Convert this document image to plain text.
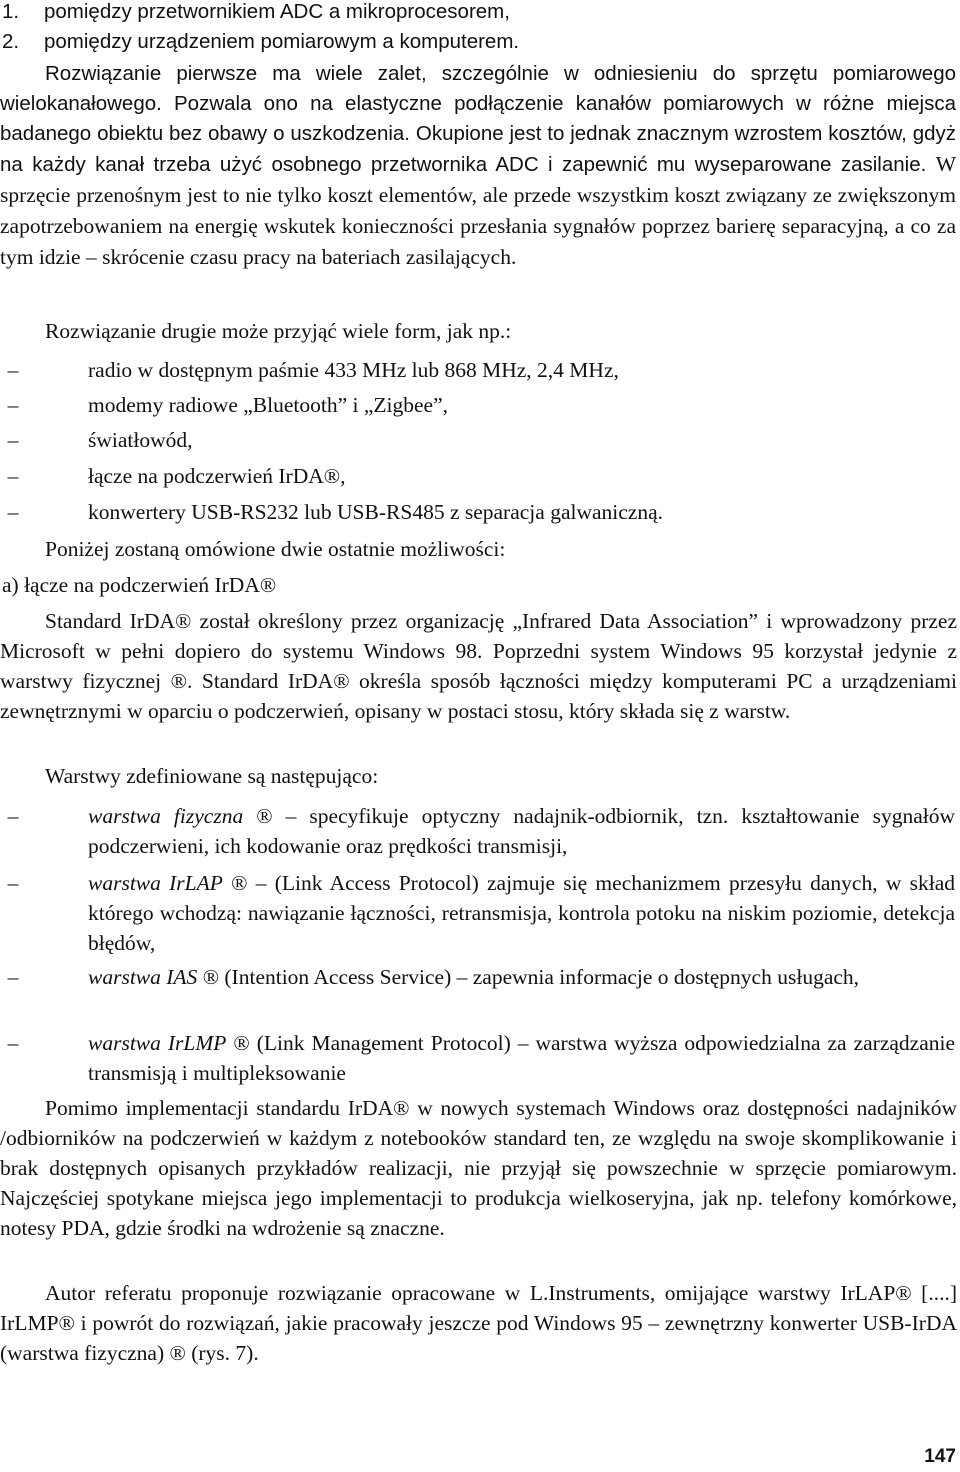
1. pomiędzy przetwornikiem ADC a mikroprocesorem,
2. pomiędzy urządzeniem pomiarowym a komputerem.

Rozwiązanie pierwsze ma wiele zalet, szczególnie w odniesieniu do sprzętu pomiarowego wielokanałowego. Pozwala ono na elastyczne podłączenie kanałów pomiarowych w różne miejsca badanego obiektu bez obawy o uszkodzenia. Okupione jest to jednak znacznym wzrostem kosztów, gdyż na każdy kanał trzeba użyć osobnego przetwornika ADC i zapewnić mu wyseparowane zasilanie. W sprzęcie przenośnym jest to nie tylko koszt elementów, ale przede wszystkim koszt związany ze zwiększonym zapotrzebowaniem na energię wskutek konieczności przesłania sygnałów poprzez barierę separacyjną, a co za tym idzie – skrócenie czasu pracy na bateriach zasilających.

Rozwiązanie drugie może przyjąć wiele form, jak np.:

–	radio w dostępnym paśmie 433 MHz lub 868 MHz, 2,4 MHz,
–	modemy radiowe „Bluetooth” i „Zigbee”,
–	światłowód,
–	łącze na podczerwień IrDA®,
–	konwertery USB-RS232 lub USB-RS485 z separacja galwaniczną.

Poniżej zostaną omówione dwie ostatnie możliwości:

a) łącze na podczerwień IrDA®

Standard IrDA® został określony przez organizację „Infrared Data Association” i wprowadzony przez Microsoft w pełni dopiero do systemu Windows 98. Poprzedni system Windows 95 korzystał jedynie z warstwy fizycznej ®. Standard IrDA® określa sposób łączności między komputerami PC a urządzeniami zewnętrznymi w oparciu o podczerwień, opisany w postaci stosu, który składa się z warstw.

Warstwy zdefiniowane są następująco:

–	warstwa fizyczna ® – specyfikuje optyczny nadajnik-odbiornik, tzn. kształtowanie sygnałów podczerwieni, ich kodowanie oraz prędkości transmisji,
–	warstwa IrLAP ® – (Link Access Protocol) zajmuje się mechanizmem przesyłu danych, w skład którego wchodzą: nawiązanie łączności, retransmisja, kontrola potoku na niskim poziomie, detekcja błędów,
–	warstwa IAS ® (Intention Access Service) – zapewnia informacje o dostępnych usługach,
–	warstwa IrLMP ® (Link Management Protocol) – warstwa wyższa odpowiedzialna za zarządzanie transmisją i multipleksowanie

Pomimo implementacji standardu IrDA® w nowych systemach Windows oraz dostępności nadajników /odbiorników na podczerwień w każdym z notebooków standard ten, ze względu na swoje skomplikowanie i brak dostępnych opisanych przykładów realizacji, nie przyjął się powszechnie w sprzęcie pomiarowym. Najczęściej spotykane miejsca jego implementacji to produkcja wielkoseryjna, jak np. telefony komórkowe, notesy PDA, gdzie środki na wdrożenie są znaczne.

Autor referatu proponuje rozwiązanie opracowane w L.Instruments, omijające warstwy IrLAP® [....] IrLMP® i powrót do rozwiązań, jakie pracowały jeszcze pod Windows 95 – zewnętrzny konwerter USB-IrDA (warstwa fizyczna) ® (rys. 7).

147
